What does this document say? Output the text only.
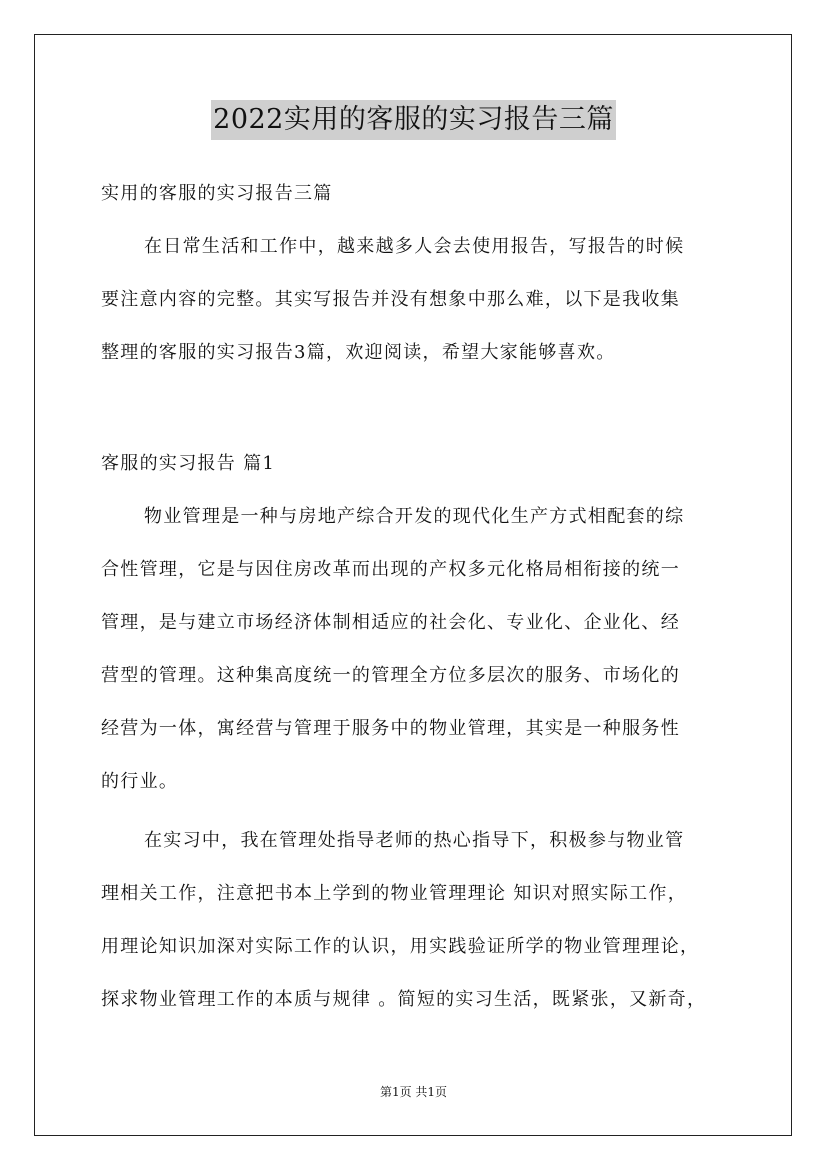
2022实用的客服的实习报告三篇
实用的客服的实习报告三篇
在日常生活和工作中，越来越多人会去使用报告，写报告的时候
要注意内容的完整。其实写报告并没有想象中那么难，以下是我收集
整理的客服的实习报告3篇，欢迎阅读，希望大家能够喜欢。
客服的实习报告 篇1
物业管理是一种与房地产综合开发的现代化生产方式相配套的综
合性管理，它是与因住房改革而出现的产权多元化格局相衔接的统一
管理，是与建立市场经济体制相适应的社会化、专业化、企业化、经
营型的管理。这种集高度统一的管理全方位多层次的服务、市场化的
经营为一体，寓经营与管理于服务中的物业管理，其实是一种服务性
的行业。
在实习中，我在管理处指导老师的热心指导下，积极参与物业管
理相关工作，注意把书本上学到的物业管理理论 知识对照实际工作，
用理论知识加深对实际工作的认识，用实践验证所学的物业管理理论，
探求物业管理工作的本质与规律 。简短的实习生活，既紧张，又新奇，
第1页 共1页
